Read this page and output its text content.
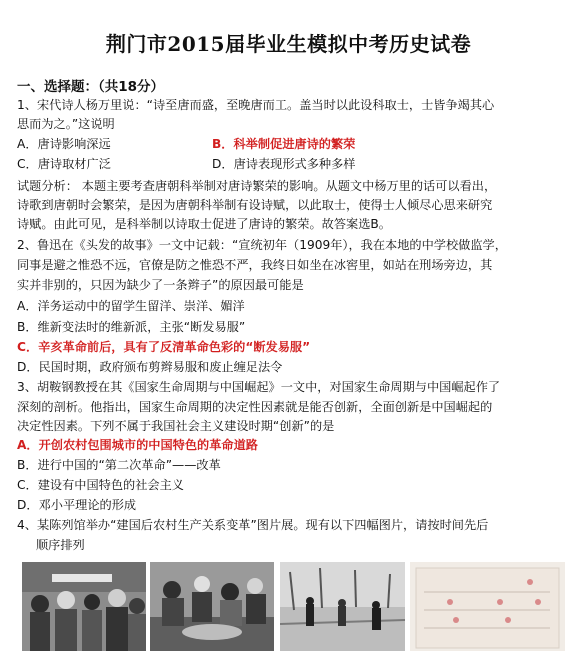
荆门市2015届毕业生模拟中考历史试卷
一、选择题：（共18分）
1、宋代诗人杨万里说：“诗至唐而盛，至晚唐而工。盖当时以此设科取士，士皆争竭其心
思而为之。”这说明
A．唐诗影响深远	B．科举制促进唐诗的繁荣
C．唐诗取材广泛	D．唐诗表现形式多种多样
试题分析： 本题主要考查唐朝科举制对唐诗繁荣的影响。从题文中杨万里的话可以看出，
诗歌到唐朝时会繁荣，是因为唐朝科举制有设诗赋，以此取士，使得士人倾尽心思来研究
诗赋。由此可见，是科举制以诗取士促进了唐诗的繁荣。故答案选B。
2、鲁迅在《头发的故事》一文中记载：“宣统初年（1909年），我在本地的中学校做监学，
同事是避之惟恐不远，官僚是防之惟恐不严，我终日如坐在冰窖里，如站在刑场旁边，其
实并非别的，只因为缺少了一条辫子”的原因最可能是
A．洋务运动中的留学生留洋、崇洋、媚洋
B．维新变法时的维新派，主张“断发易服”
C．辛亥革命前后，具有了反清革命色彩的“断发易服”
D．民国时期，政府颁布剪辫易服和废止缠足法令
3、胡鞍钢教授在其《国家生命周期与中国崛起》一文中，对国家生命周期与中国崛起作了
深刻的剖析。他指出，国家生命周期的决定性因素就是能否创新，全面创新是中国崛起的
决定性因素。下列不属于我国社会主义建设时期“创新”的是
A．开创农村包围城市的中国特色的革命道路
B．进行中国的“第二次革命”——改革
C．建设有中国特色的社会主义
D．邓小平理论的形成
4、某陈列馆举办“建国后农村生产关系变革”图片展。现有以下四幅图片，请按时间先后
顺序排列
